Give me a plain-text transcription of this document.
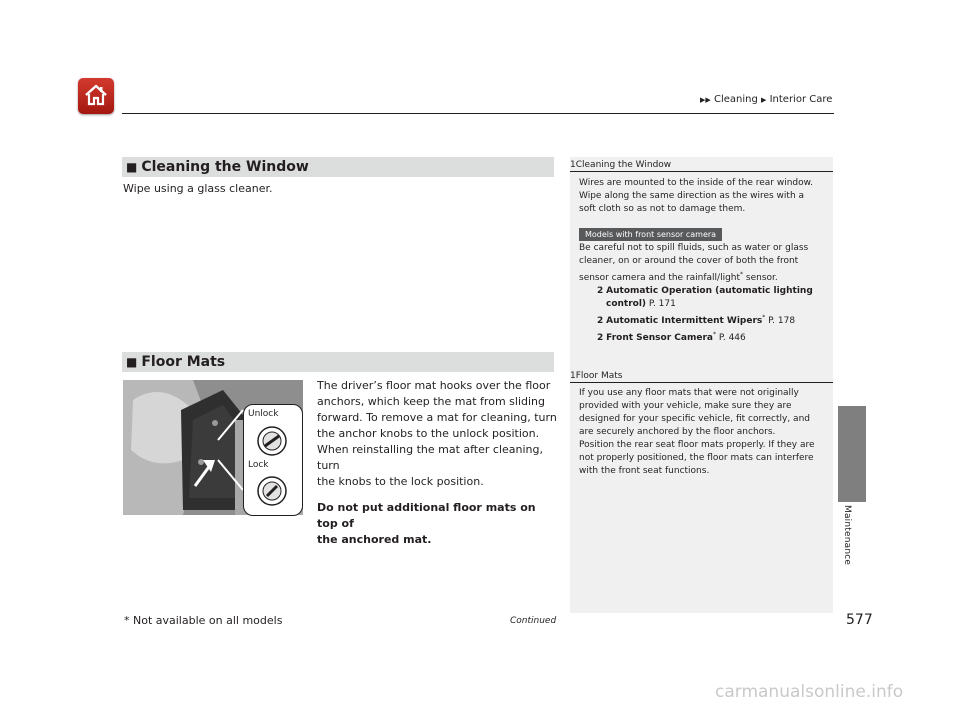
▶▶ Cleaning ▶ Interior Care
Maintenance
■ Cleaning the Window
Wipe using a glass cleaner.
■ Floor Mats
Unlock
Lock
The driver’s floor mat hooks over the floor
anchors, which keep the mat from sliding
forward. To remove a mat for cleaning, turn
the anchor knobs to the unlock position.
When reinstalling the mat after cleaning, turn
the knobs to the lock position.
Do not put additional floor mats on top of
the anchored mat.
1Cleaning the Window
Wires are mounted to the inside of the rear window.
Wipe along the same direction as the wires with a
soft cloth so as not to damage them.
Models with front sensor camera
Be careful not to spill fluids, such as water or glass
cleaner, on or around the cover of both the front
sensor camera and the rainfall/light* sensor.
2 Automatic Operation (automatic lighting
control) P. 171
2 Automatic Intermittent Wipers* P. 178
2 Front Sensor Camera* P. 446
1Floor Mats
If you use any floor mats that were not originally
provided with your vehicle, make sure they are
designed for your specific vehicle, fit correctly, and
are securely anchored by the floor anchors.
Position the rear seat floor mats properly. If they are
not properly positioned, the floor mats can interfere
with the front seat functions.
* Not available on all models	Continued	577
carmanualsonline.info
